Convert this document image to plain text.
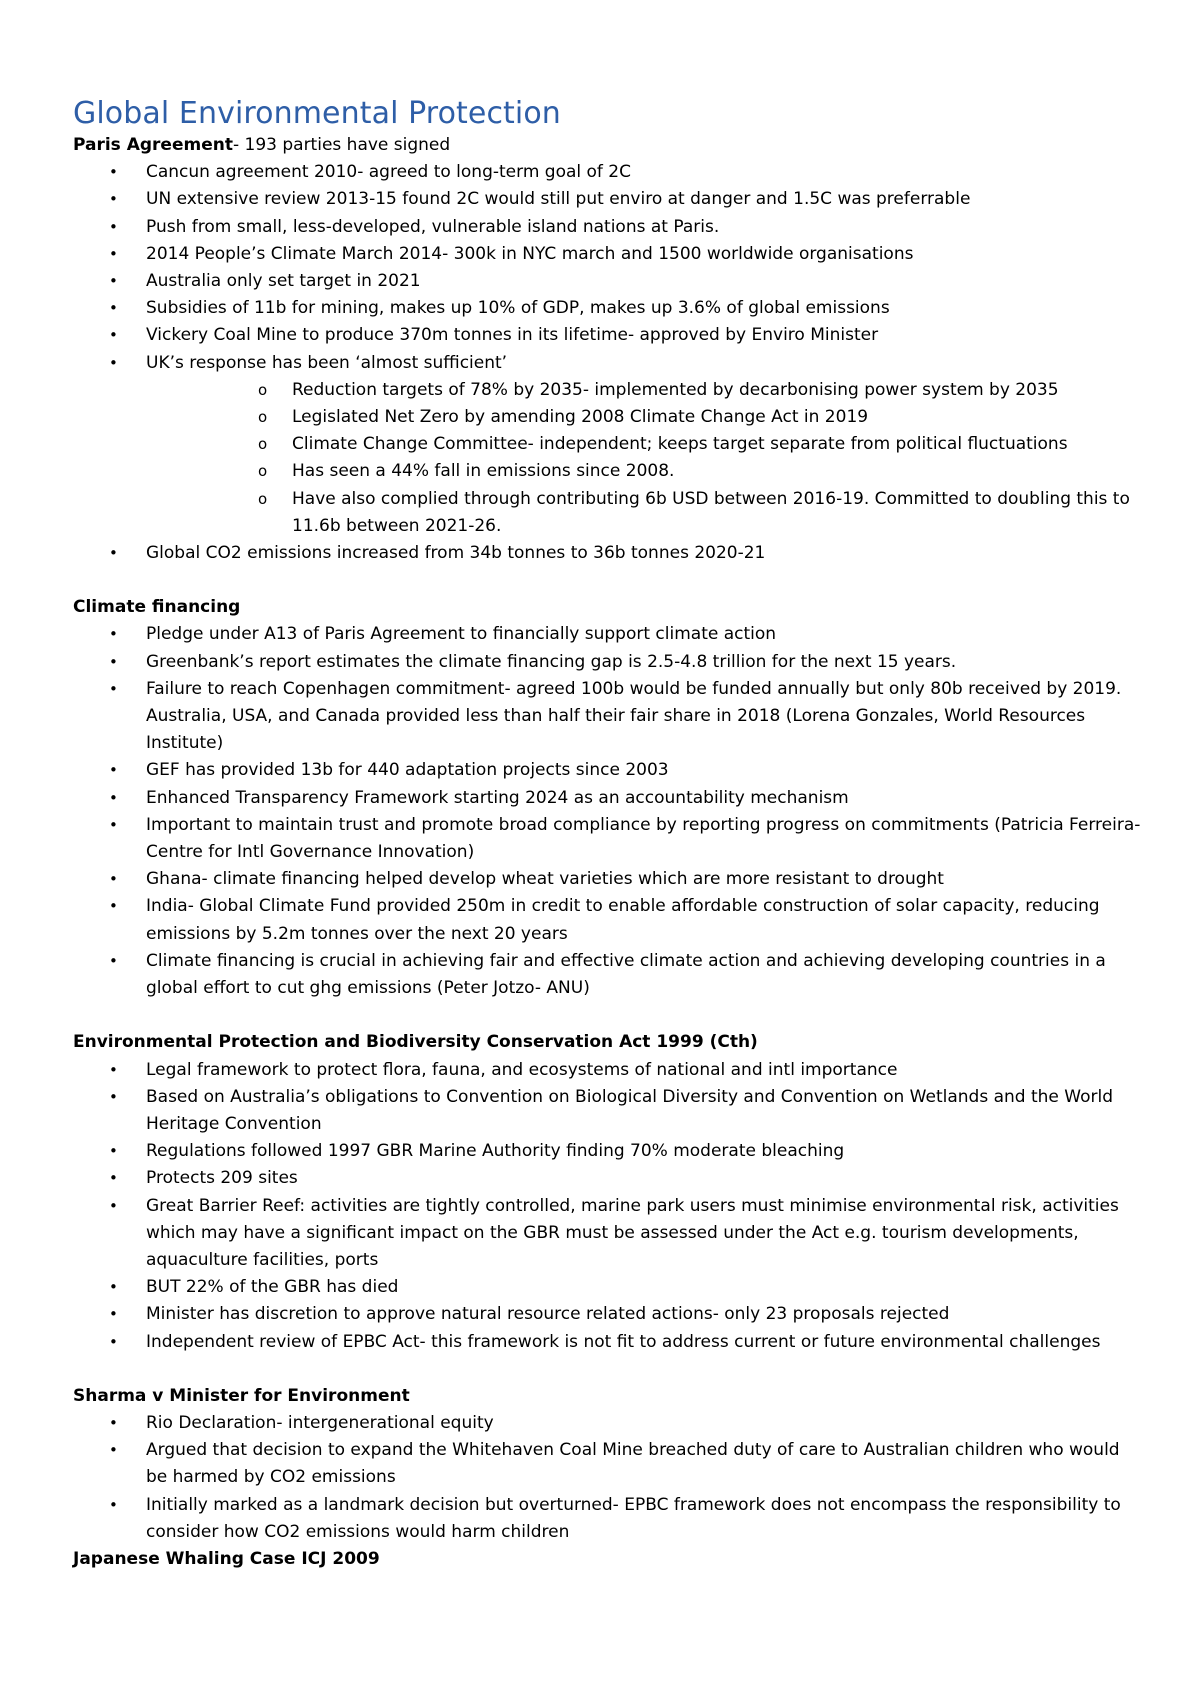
Global Environmental Protection

Paris Agreement- 193 parties have signed

•	Cancun agreement 2010- agreed to long-term goal of 2C
•	UN extensive review 2013-15 found 2C would still put enviro at danger and 1.5C was preferrable
•	Push from small, less-developed, vulnerable island nations at Paris.
•	2014 People’s Climate March 2014- 300k in NYC march and 1500 worldwide organisations
•	Australia only set target in 2021
•	Subsidies of 11b for mining, makes up 10% of GDP, makes up 3.6% of global emissions
•	Vickery Coal Mine to produce 370m tonnes in its lifetime- approved by Enviro Minister
•	UK’s response has been ‘almost sufficient’
o Reduction targets of 78% by 2035- implemented by decarbonising power system by 2035
o Legislated Net Zero by amending 2008 Climate Change Act in 2019
o Climate Change Committee- independent; keeps target separate from political fluctuations
o Has seen a 44% fall in emissions since 2008.
o Have also complied through contributing 6b USD between 2016-19. Committed to doubling this to 11.6b between 2021-26.
•	Global CO2 emissions increased from 34b tonnes to 36b tonnes 2020-21

Climate financing

•	Pledge under A13 of Paris Agreement to financially support climate action
•	Greenbank’s report estimates the climate financing gap is 2.5-4.8 trillion for the next 15 years.
•	Failure to reach Copenhagen commitment- agreed 100b would be funded annually but only 80b received by 2019. Australia, USA, and Canada provided less than half their fair share in 2018 (Lorena Gonzales, World Resources Institute)
•	GEF has provided 13b for 440 adaptation projects since 2003
•	Enhanced Transparency Framework starting 2024 as an accountability mechanism
•	Important to maintain trust and promote broad compliance by reporting progress on commitments (Patricia Ferreira- Centre for Intl Governance Innovation)
•	Ghana- climate financing helped develop wheat varieties which are more resistant to drought
•	India- Global Climate Fund provided 250m in credit to enable affordable construction of solar capacity, reducing emissions by 5.2m tonnes over the next 20 years
•	Climate financing is crucial in achieving fair and effective climate action and achieving developing countries in a global effort to cut ghg emissions (Peter Jotzo- ANU)

Environmental Protection and Biodiversity Conservation Act 1999 (Cth)

•	Legal framework to protect flora, fauna, and ecosystems of national and intl importance
•	Based on Australia’s obligations to Convention on Biological Diversity and Convention on Wetlands and the World Heritage Convention
•	Regulations followed 1997 GBR Marine Authority finding 70% moderate bleaching
•	Protects 209 sites
•	Great Barrier Reef: activities are tightly controlled, marine park users must minimise environmental risk, activities which may have a significant impact on the GBR must be assessed under the Act e.g. tourism developments, aquaculture facilities, ports
•	BUT 22% of the GBR has died
•	Minister has discretion to approve natural resource related actions- only 23 proposals rejected
•	Independent review of EPBC Act- this framework is not fit to address current or future environmental challenges

Sharma v Minister for Environment

•	Rio Declaration- intergenerational equity
•	Argued that decision to expand the Whitehaven Coal Mine breached duty of care to Australian children who would be harmed by CO2 emissions
•	Initially marked as a landmark decision but overturned- EPBC framework does not encompass the responsibility to consider how CO2 emissions would harm children

Japanese Whaling Case ICJ 2009
